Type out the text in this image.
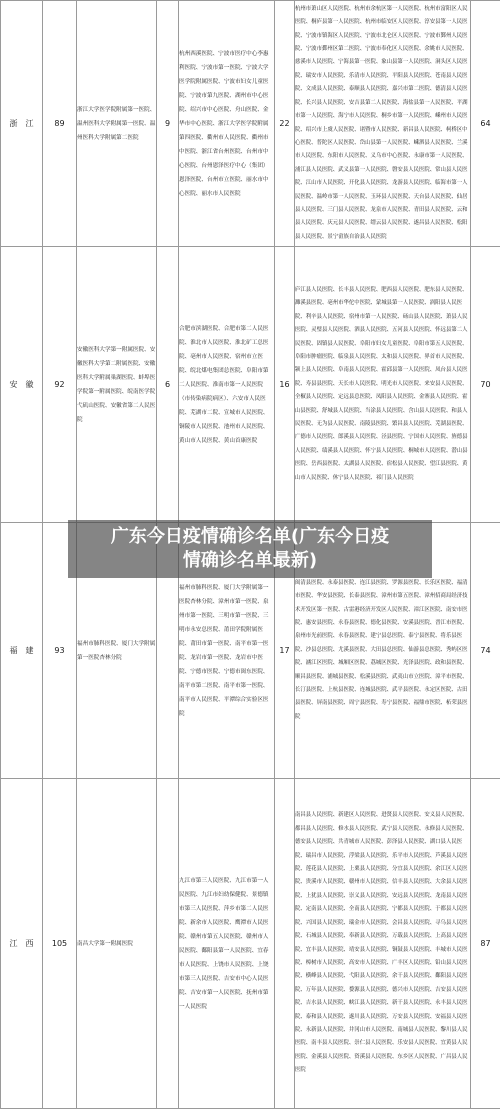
浙　江	89	浙江大学医学院附属第一医院、温州医科大学附属第一医院、温州医科大学附属第二医院	9	杭州西溪医院、宁波市医疗中心李惠利医院、宁波市第一医院、宁波大学医学院附属医院、宁波市妇女儿童医院、宁波市第九医院、湖州市中心医院、绍兴市中心医院、舟山医院、金华市中心医院、浙江大学医学院附属第四医院、衢州市人民医院、衢州市中医院、浙江省台州医院、台州市中心医院、台州恩泽医疗中心（集团）恩泽医院、台州市立医院、丽水市中心医院、丽水市人民医院	22	杭州市萧山区人民医院、杭州市余杭区第一人民医院、杭州市富阳区人民医院、桐庐县第一人民医院、杭州市临安区人民医院、淳安县第一人民医院、宁波市镇海区人民医院、宁波市北仑区人民医院、宁波市鄞州人民医院、宁波市鄞州区第二医院、宁波市奉化区人民医院、余姚市人民医院、慈溪市人民医院、宁海县第一医院、象山县第一人民医院、洞头区人民医院、瑞安市人民医院、乐清市人民医院、平阳县人民医院、苍南县人民医院、文成县人民医院、泰顺县人民医院、嘉兴市第二医院、德清县人民医院、长兴县人民医院、安吉县第二人民医院、海盐县第一人民医院、平湖市第一人民医院、海宁市人民医院、桐乡市第一人民医院、嵊州市人民医院、绍兴市上虞人民医院、诸暨市人民医院、新昌县人民医院、柯桥区中心医院、普陀区人民医院、岱山县第一人民医院、嵊泗县人民医院、兰溪市人民医院、东阳市人民医院、义乌市中心医院、永康市第一人民医院、浦江县人民医院、武义县第一人民医院、磐安县人民医院、常山县人民医院、江山市人民医院、开化县人民医院、龙游县人民医院、临海市第一人民医院、温岭市第一人民医院、玉环县人民医院、天台县人民医院、仙居县人民医院、三门县人民医院、龙泉市人民医院、青田县人民医院、云和县人民医院、庆元县人民医院、缙云县人民医院、遂昌县人民医院、松阳县人民医院、景宁畲族自治县人民医院	64
安　徽	92	安徽医科大学第一附属医院、安徽医科大学第二附属医院、安徽医科大学附属巢湖医院、蚌埠医学院第一附属医院、皖南医学院弋矶山医院、安徽省第二人民医院	6	合肥市滨湖医院、合肥市第二人民医院、淮北市人民医院、淮北矿工总医院、亳州市人民医院、宿州市立医院、皖北煤电集团总医院、阜阳市第二人民医院、淮南市第一人民医院（市传染病院病区）、六安市人民医院、芜湖市二院、宣城市人民医院、铜陵市人民医院、池州市人民医院、黄山市人民医院、黄山首康医院	16	庐江县人民医院、长丰县人民医院、肥西县人民医院、肥东县人民医院、濉溪县医院、亳州市华佗中医院、蒙城县第一人民医院、涡阳县人民医院、利辛县人民医院、宿州市第一人民医院、砀山县人民医院、萧县人民医院、灵璧县人民医院、泗县人民医院、五河县人民医院、怀远县第二人民医院、固镇县人民医院、阜阳市妇女儿童医院、阜阳市第五人民医院、阜阳市肿瘤医院、临泉县人民医院、太和县人民医院、界首市人民医院、颍上县人民医院、阜南县人民医院、霍邱县第一人民医院、凤台县人民医院、寿县县医院、天长市人民医院、明光市人民医院、来安县人民医院、全椒县人民医院、定远县总医院、凤阳县人民医院、金寨县人民医院、霍山县医院、舒城县人民医院、当涂县人民医院、含山县人民医院、和县人民医院、无为县人民医院、南陵县医院、繁昌县人民医院、芜湖县医院、广德市人民医院、郎溪县人民医院、泾县医院、宁国市人民医院、旌德县人民医院、绩溪县人民医院、怀宁县人民医院、桐城市人民医院、潜山县医院、岳西县医院、太湖县人民医院、宿松县人民医院、望江县医院、黄山市人民医院、休宁县人民医院、祁门县人民医院	70
福　建	93	福州市肺科医院、厦门大学附属第一医院杏林分院		福州市肺科医院、厦门大学附属第一医院杏林分院、漳州市第一医院、泉州市第一医院、三明市第一医院、三明市永安总医院、莆田学院附属医院、莆田市第一医院、南平市第一医院、龙岩市第一医院、龙岩市中医院、宁德市医院、宁德市闽东医院、南平市第二医院、南平市第一医院、南平市人民医院、平潭综合实验区医院	17	闽清县医院、永泰县医院、连江县医院、罗源县医院、长乐区医院、福清市医院、华安县医院、长泰县医院、漳州市第五医院、漳州招商局经济技术开发区第一医院、古雷港经济开发区人民医院、漳江区医院、南安市医院、惠安县医院、永春县医院、德化县医院、安溪县医院、晋江市医院、泉州市光前医院、永春县医院、建宁县总医院、泰宁县医院、将乐县医院、沙县总医院、尤溪县医院、大田县总医院、仙游县总医院、秀屿区医院、涵江区医院、城厢区医院、荔城区医院、光泽县医院、政和县医院、顺昌县医院、浦城县医院、松溪县医院、武夷山市立医院、漳平市医院、长汀县医院、上杭县医院、连城县医院、武平县医院、永定区医院、古田县医院、屏南县医院、周宁县医院、寿宁县医院、福鼎市医院、柘荣县医院	74
江　西	105	南昌大学第一附属医院		九江市第三人民医院、九江市第一人民医院、九江市妇幼保健院、景德镇市第三人民医院、萍乡市第二人民医院、新余市人民医院、鹰潭市人民医院、赣州市第五人民医院、赣州市人民医院、鄱阳县第一人民医院、宜春市人民医院、上饶市人民医院、上饶市第三人民医院、吉安市中心人民医院、吉安市第一人民医院、抚州市第一人民医院		南昌县人民医院、新建区人民医院、进贤县人民医院、安义县人民医院、都昌县人民医院、修水县人民医院、武宁县人民医院、永修县人民医院、德安县人民医院、共青城市人民医院、彭泽县人民医院、湖口县人民医院、瑞昌市人民医院、浮梁县人民医院、乐平市人民医院、芦溪县人民医院、莲花县人民医院、上栗县人民医院、分宜县人民医院、余江区人民医院、贵溪市人民医院、赣州市人民医院、信丰县人民医院、大余县人民医院、上犹县人民医院、崇义县人民医院、安远县人民医院、龙南县人民医院、定南县人民医院、全南县人民医院、宁都县人民医院、于都县人民医院、兴国县人民医院、瑞金市人民医院、会昌县人民医院、寻乌县人民医院、石城县人民医院、奉新县人民医院、万载县人民医院、上高县人民医院、宜丰县人民医院、靖安县人民医院、铜鼓县人民医院、丰城市人民医院、樟树市人民医院、高安市人民医院、广丰区人民医院、铅山县人民医院、横峰县人民医院、弋阳县人民医院、余干县人民医院、鄱阳县人民医院、万年县人民医院、婺源县人民医院、德兴市人民医院、吉安县人民医院、吉水县人民医院、峡江县人民医院、新干县人民医院、永丰县人民医院、泰和县人民医院、遂川县人民医院、万安县人民医院、安福县人民医院、永新县人民医院、井冈山市人民医院、南城县人民医院、黎川县人民医院、南丰县人民医院、崇仁县人民医院、乐安县人民医院、宜黄县人民医院、金溪县人民医院、资溪县人民医院、东乡区人民医院、广昌县人民医院	87
广东今日疫情确诊名单(广东今日疫
情确诊名单最新)
